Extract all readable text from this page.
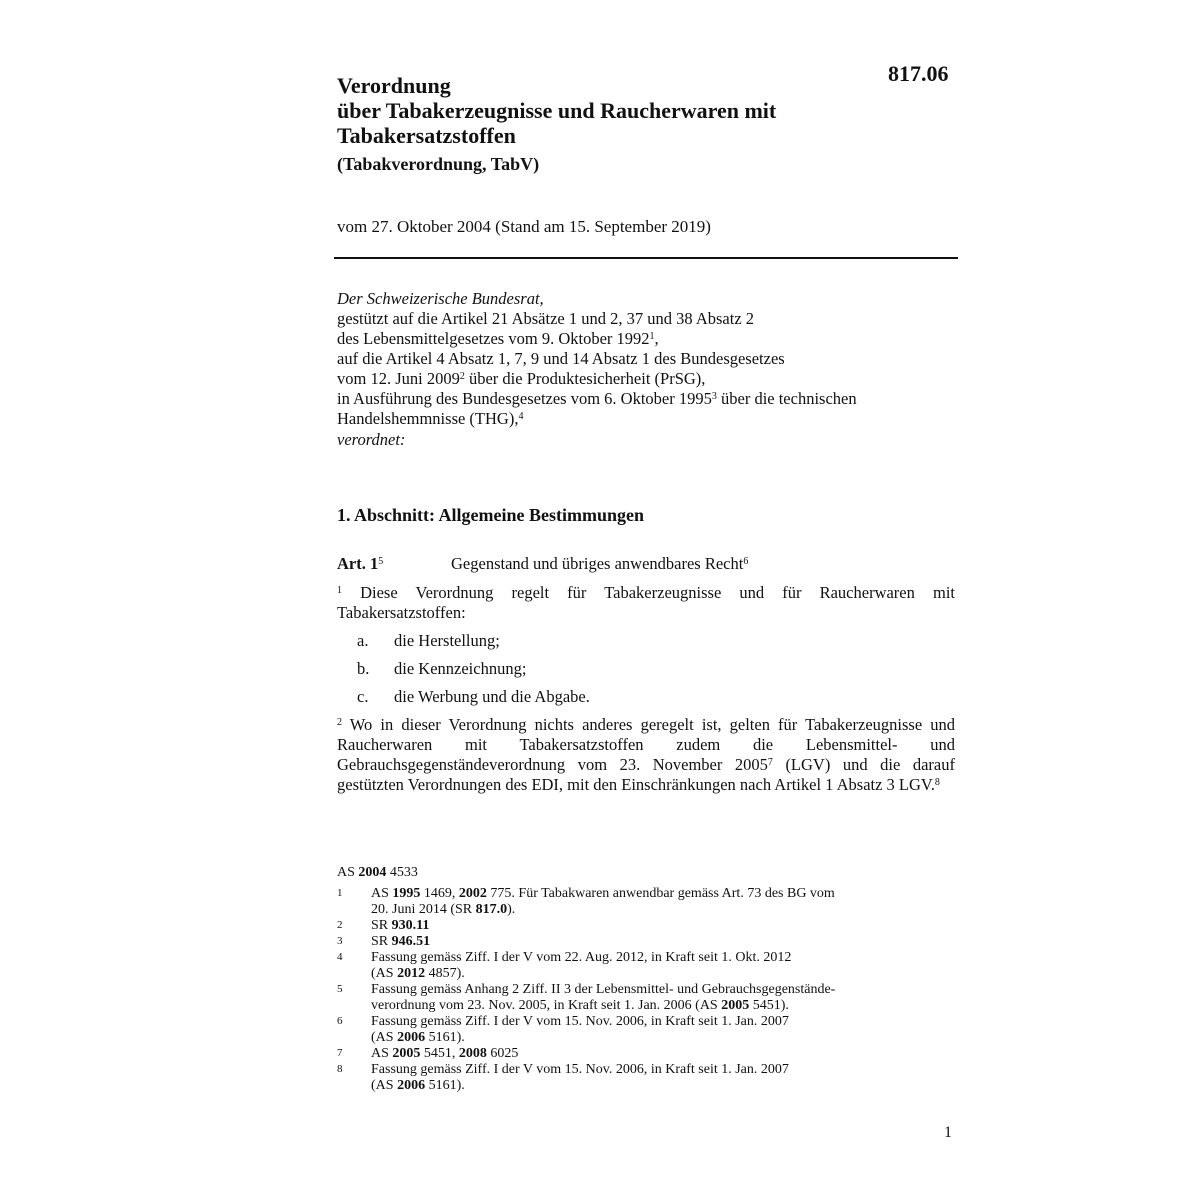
817.06
Verordnung
über Tabakerzeugnisse und Raucherwaren mit
Tabakersatzstoffen
(Tabakverordnung, TabV)
vom 27. Oktober 2004 (Stand am 15. September 2019)
Der Schweizerische Bundesrat,
gestützt auf die Artikel 21 Absätze 1 und 2, 37 und 38 Absatz 2
des Lebensmittelgesetzes vom 9. Oktober 1992$^1$,
auf die Artikel 4 Absatz 1, 7, 9 und 14 Absatz 1 des Bundesgesetzes
vom 12. Juni 2009$^2$ über die Produktesicherheit (PrSG),
in Ausführung des Bundesgesetzes vom 6. Oktober 1995$^3$ über die technischen
Handelshemmnisse (THG),$^4$
verordnet:
1. Abschnitt: Allgemeine Bestimmungen
Art. $1^5$	Gegenstand und übriges anwendbares Recht$^6$
$^1$ Diese Verordnung regelt für Tabakerzeugnisse und für Raucherwaren mit Tabakersatzstoffen:
a. die Herstellung;
b. die Kennzeichnung;
c. die Werbung und die Abgabe.
$^2$ Wo in dieser Verordnung nichts anderes geregelt ist, gelten für Tabakerzeugnisse und Raucherwaren mit Tabakersatzstoffen zudem die Lebensmittel- und Gebrauchsgegenständeverordnung vom 23. November 2005$^7$ (LGV) und die darauf gestützten Verordnungen des EDI, mit den Einschränkungen nach Artikel 1 Absatz 3 LGV.$^8$
AS 2004 4533
1 AS 1995 1469, 2002 775. Für Tabakwaren anwendbar gemäss Art. 73 des BG vom
20. Juni 2014 (SR 817.0).
2 SR 930.11
3 SR 946.51
4 Fassung gemäss Ziff. I der V vom 22. Aug. 2012, in Kraft seit 1. Okt. 2012
(AS 2012 4857).
5 Fassung gemäss Anhang 2 Ziff. II 3 der Lebensmittel- und Gebrauchsgegenstände-
verordnung vom 23. Nov. 2005, in Kraft seit 1. Jan. 2006 (AS 2005 5451).
6 Fassung gemäss Ziff. I der V vom 15. Nov. 2006, in Kraft seit 1. Jan. 2007
(AS 2006 5161).
7 AS 2005 5451, 2008 6025
8 Fassung gemäss Ziff. I der V vom 15. Nov. 2006, in Kraft seit 1. Jan. 2007
(AS 2006 5161).
1
